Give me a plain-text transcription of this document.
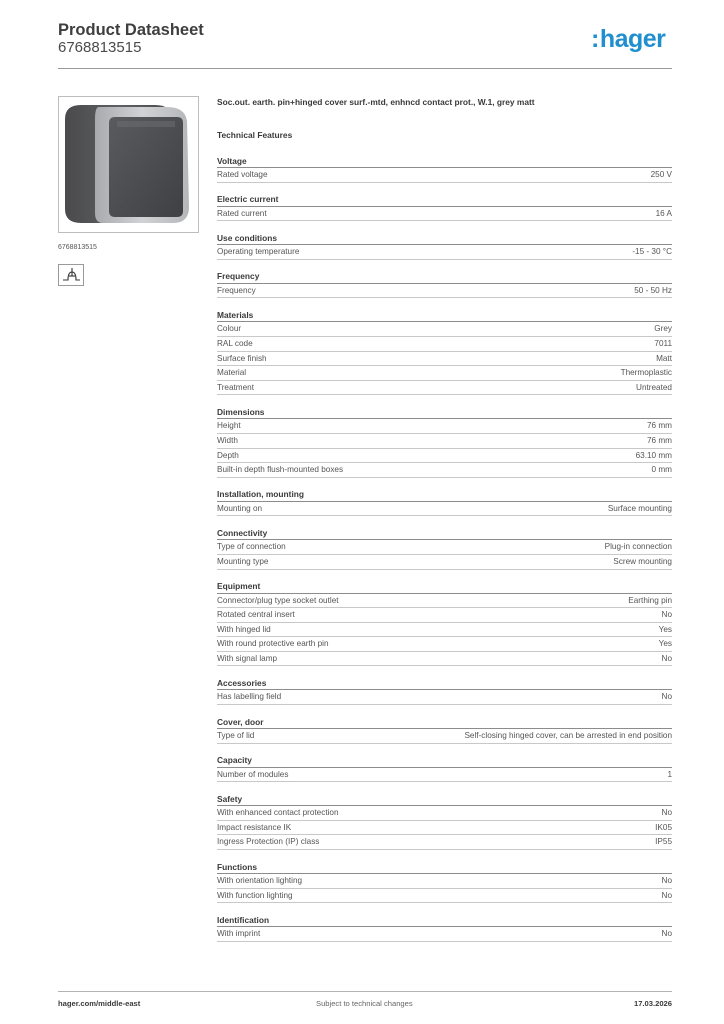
Product Datasheet
6768813515	:hager
6768813515
Soc.out. earth. pin+hinged cover surf.-mtd, enhncd contact prot., W.1, grey matt
Technical Features
Voltage
Rated voltage	250 V
Electric current
Rated current	16 A
Use conditions
Operating temperature	-15 - 30 °C
Frequency
Frequency	50 - 50 Hz
Materials
Colour	Grey
RAL code	7011
Surface finish	Matt
Material	Thermoplastic
Treatment	Untreated
Dimensions
Height	76 mm
Width	76 mm
Depth	63.10 mm
Built-in depth flush-mounted boxes	0 mm
Installation, mounting
Mounting on	Surface mounting
Connectivity
Type of connection	Plug-in connection
Mounting type	Screw mounting
Equipment
Connector/plug type socket outlet	Earthing pin
Rotated central insert	No
With hinged lid	Yes
With round protective earth pin	Yes
With signal lamp	No
Accessories
Has labelling field	No
Cover, door
Type of lid	Self-closing hinged cover, can be arrested in end position
Capacity
Number of modules	1
Safety
With enhanced contact protection	No
Impact resistance IK	IK05
Ingress Protection (IP) class	IP55
Functions
With orientation lighting	No
With function lighting	No
Identification
With imprint	No
hager.com/middle-east	Subject to technical changes	17.03.2026
